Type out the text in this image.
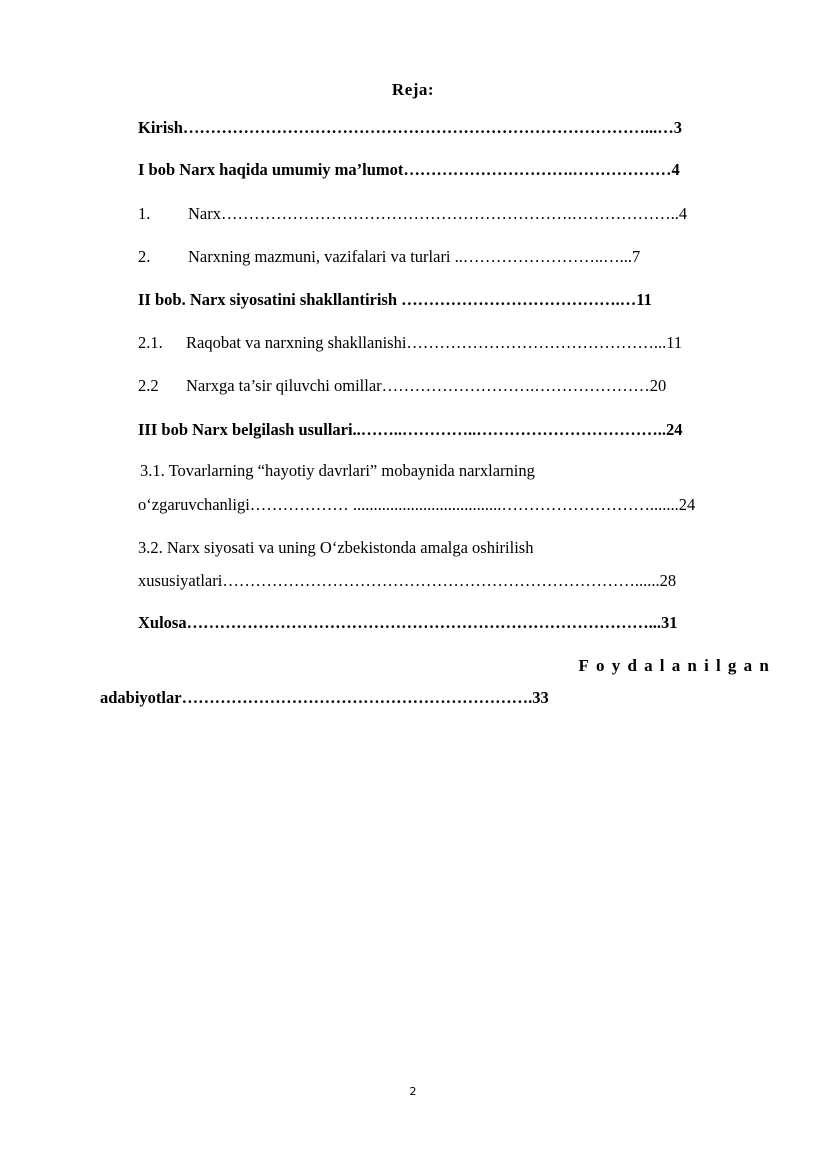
Reja:
Kirish…………………………………………………………………………...…3
I bob Narx haqida umumiy ma’lumot………………………….………………4
1. Narx……………………………………………………….………………..4
2. Narxning mazmuni, vazifalari va turlari ..……………………..…...7
II bob. Narx siyosatini shakllantirish ………………………………….…11
2.1. Raqobat va narxning shakllanishi………………………………………...11
2.2 Narxga ta’sir qiluvchi omillar……………………….…………………20
III bob Narx belgilash usullari..……..…………..……………………………..24
3.1. Tovarlarning “hayotiy davrlari” mobaynida narxlarning
o‘zgaruvchanligi……………… ....................................……………………….......24
3.2. Narx siyosati va uning O‘zbekistonda amalga oshirilish
xususiyatlari…………………………………………………………………......28
Xulosa…………………………………………………………………………...31
Foydalanilgan
adabiyotlar……………………………………………………….33
2
